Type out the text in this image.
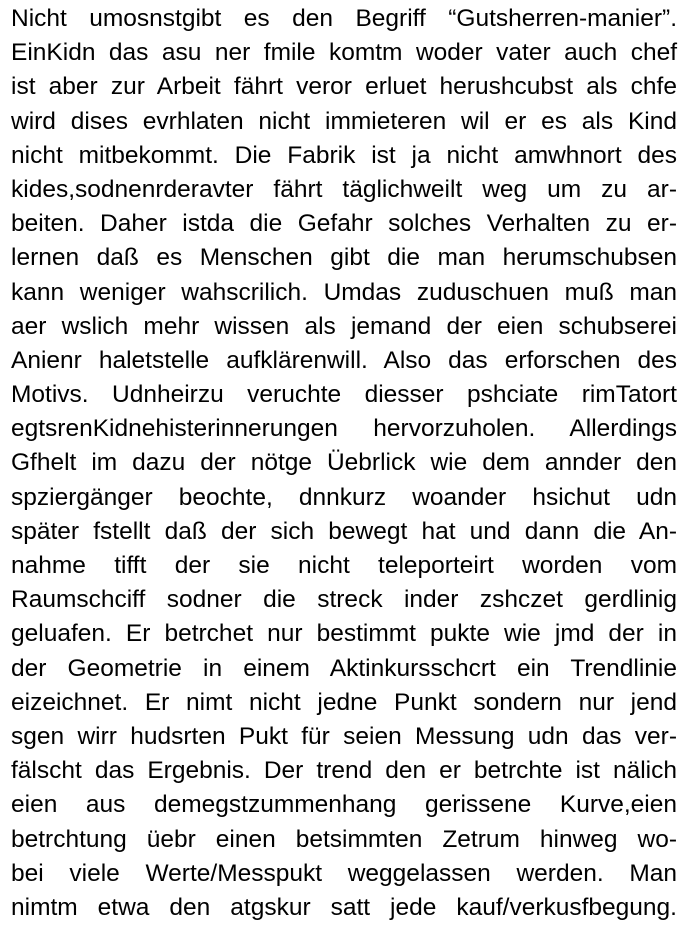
Nicht umosnstgibt es den Begriff “Gutsherren-manier”.
EinKidn das asu ner fmile komtm woder vater auch chef
ist aber zur Arbeit fährt veror erluet herushcubst als chfe
wird dises evrhlaten nicht immieteren wil er es als Kind
nicht mitbekommt. Die Fabrik ist ja nicht amwhnort des
kides,sodnenrderavter fährt täglichweilt weg um zu ar-
beiten. Daher istda die Gefahr solches Verhalten zu er-
lernen daß es Menschen gibt die man herumschubsen
kann weniger wahscrilich. Umdas zuduschuen muß man
aer wslich mehr wissen als jemand der eien schubserei
Anienr haletstelle aufklärenwill. Also das erforschen des
Motivs. Udnheirzu veruchte diesser pshciate rimTatort
egtsrenKidnehisterinnerungen hervorzuholen. Allerdings
Gfhelt im dazu der nötge Üebrlick wie dem annder den
spziergänger beochte, dnnkurz woander hsichut udn
später fstellt daß der sich bewegt hat und dann die An-
nahme tifft der sie nicht teleporteirt worden vom
Raumschciff sodner die streck inder zshczet gerdlinig
geluafen. Er betrchet nur bestimmt pukte wie jmd der in
der Geometrie in einem Aktinkursschcrt ein Trendlinie
eizeichnet. Er nimt nicht jedne Punkt sondern nur jend
sgen wirr hudsrten Pukt für seien Messung udn das ver-
fälscht das Ergebnis. Der trend den er betrchte ist nälich
eien aus demegstzummenhang gerissene Kurve,eien
betrchtung üebr einen betsimmten Zetrum hinweg wo-
bei viele Werte/Messpukt weggelassen werden. Man
nimtm etwa den atgskur satt jede kauf/verkusfbegung.
